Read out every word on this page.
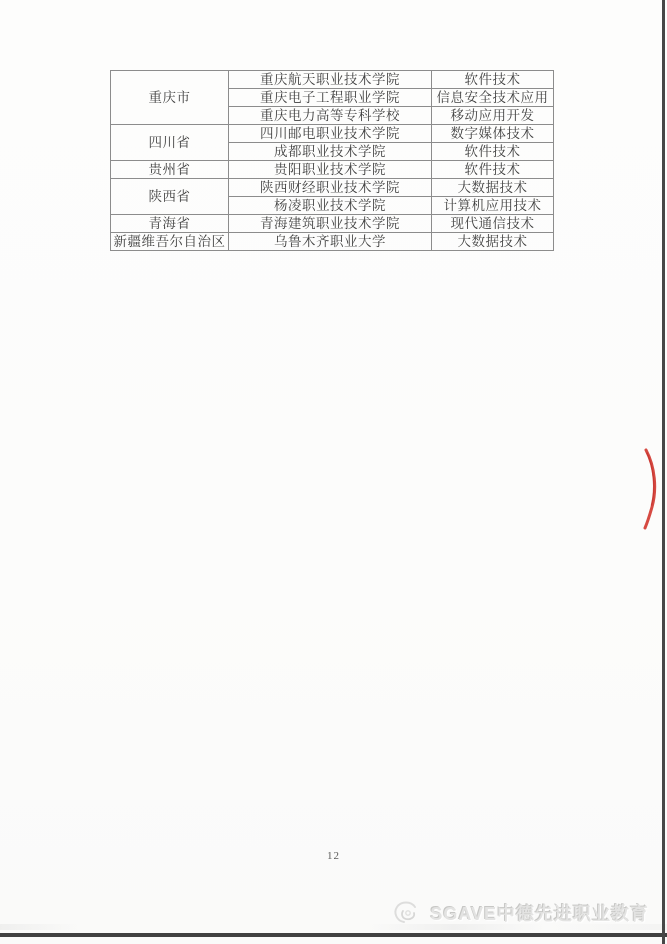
重庆市	重庆航天职业技术学院	软件技术
	重庆电子工程职业学院	信息安全技术应用
	重庆电力高等专科学校	移动应用开发
四川省	四川邮电职业技术学院	数字媒体技术
	成都职业技术学院	软件技术
贵州省	贵阳职业技术学院	软件技术
陕西省	陕西财经职业技术学院	大数据技术
	杨凌职业技术学院	计算机应用技术
青海省	青海建筑职业技术学院	现代通信技术
新疆维吾尔自治区	乌鲁木齐职业大学	大数据技术
12
SGAVE中德先进职业教育
